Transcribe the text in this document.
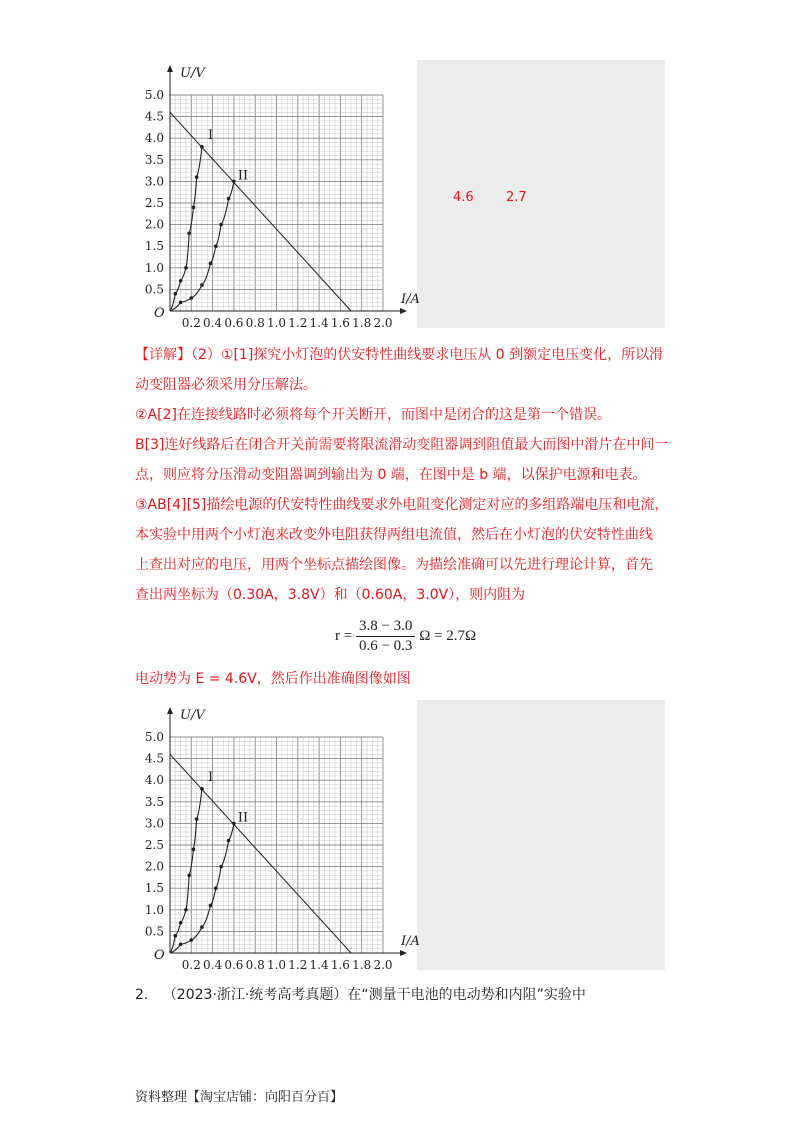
4.6 2.7
0.2 0.4 0.6 0.8 1.0 1.2 1.4 1.6 1.8 2.0
0.5
1.0
1.5
2.0
2.5
3.0
3.5
4.0
4.5
5.0
O
I/A
U/V
I
II
【详解】（2）①[1]探究小灯泡的伏安特性曲线要求电压从 0 到额定电压变化，所以滑
动变阻器必须采用分压解法。
②A[2]在连接线路时必须将每个开关断开，而图中是闭合的这是第一个错误。
B[3]连好线路后在闭合开关前需要将限流滑动变阻器调到阻值最大而图中滑片在中间一
点，则应将分压滑动变阻器调到输出为 0 端，在图中是 b 端，以保护电源和电表。
③AB[4][5]描绘电源的伏安特性曲线要求外电阻变化测定对应的多组路端电压和电流，
本实验中用两个小灯泡来改变外电阻获得两组电流值，然后在小灯泡的伏安特性曲线
上查出对应的电压，用两个坐标点描绘图像。为描绘准确可以先进行理论计算，首先
查出两坐标为（0.30A，3.8V）和（0.60A，3.0V），则内阻为
$r = \frac{3.8 - 3.0}{0.6 - 0.3}$ Ω = 2.7Ω
电动势为 E = 4.6V，然后作出准确图像如图
0.2 0.4 0.6 0.8 1.0 1.2 1.4 1.6 1.8 2.0
0.5
1.0
1.5
2.0
2.5
3.0
3.5
4.0
4.5
5.0
O
I/A
U/V
I
II
2. （2023·浙江·统考高考真题）在“测量干电池的电动势和内阻”实验中
资料整理【淘宝店铺：向阳百分百】
